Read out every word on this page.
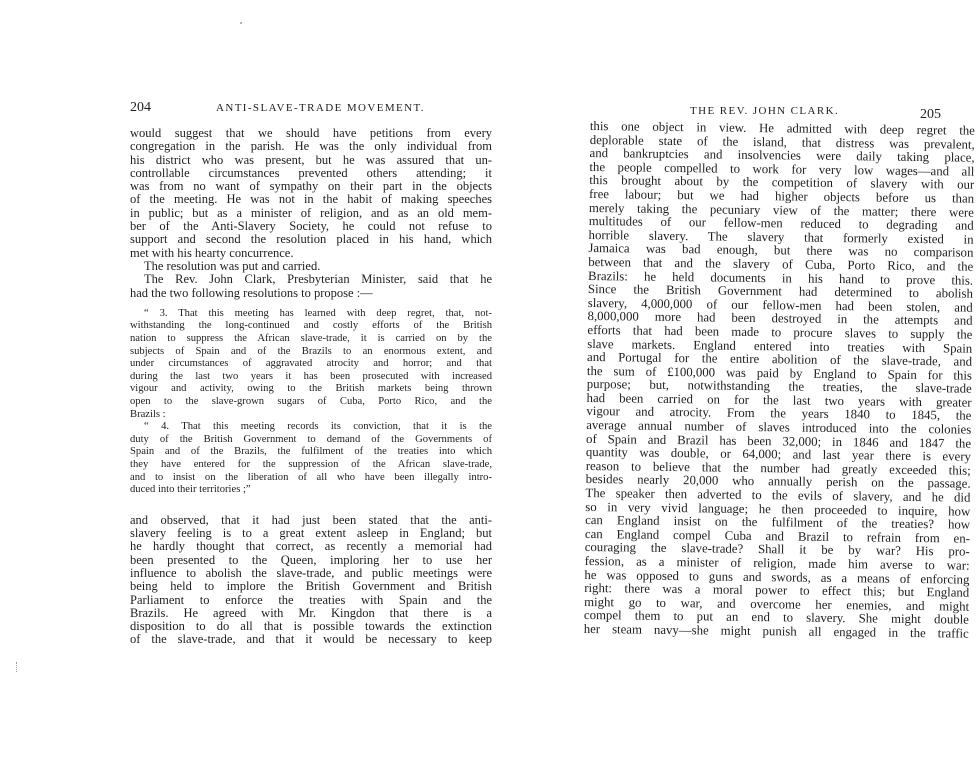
204	ANTI-SLAVE-TRADE MOVEMENT.
would suggest that we should have petitions from every
congregation in the parish. He was the only individual from
his district who was present, but he was assured that un-
controllable circumstances prevented others attending; it
was from no want of sympathy on their part in the objects
of the meeting. He was not in the habit of making speeches
in public; but as a minister of religion, and as an old mem-
ber of the Anti-Slavery Society, he could not refuse to
support and second the resolution placed in his hand, which
met with his hearty concurrence.
The resolution was put and carried.
The Rev. John Clark, Presbyterian Minister, said that he
had the two following resolutions to propose :—
“ 3. That this meeting has learned with deep regret, that, not-
withstanding the long-continued and costly efforts of the British
nation to suppress the African slave-trade, it is carried on by the
subjects of Spain and of the Brazils to an enormous extent, and
under circumstances of aggravated atrocity and horror; and that
during the last two years it has been prosecuted with increased
vigour and activity, owing to the British markets being thrown
open to the slave-grown sugars of Cuba, Porto Rico, and the
Brazils :
“ 4. That this meeting records its conviction, that it is the
duty of the British Government to demand of the Governments of
Spain and of the Brazils, the fulfilment of the treaties into which
they have entered for the suppression of the African slave-trade,
and to insist on the liberation of all who have been illegally intro-
duced into their territories ;”
and observed, that it had just been stated that the anti-
slavery feeling is to a great extent asleep in England; but
he hardly thought that correct, as recently a memorial had
been presented to the Queen, imploring her to use her
influence to abolish the slave-trade, and public meetings were
being held to implore the British Government and British
Parliament to enforce the treaties with Spain and the
Brazils. He agreed with Mr. Kingdon that there is a
disposition to do all that is possible towards the extinction
of the slave-trade, and that it would be necessary to keep
THE REV. JOHN CLARK.	205
this one object in view. He admitted with deep regret the
deplorable state of the island, that distress was prevalent,
and bankruptcies and insolvencies were daily taking place,
the people compelled to work for very low wages—and all
this brought about by the competition of slavery with our
free labour; but we had higher objects before us than
merely taking the pecuniary view of the matter; there were
multitudes of our fellow-men reduced to degrading and
horrible slavery. The slavery that formerly existed in
Jamaica was bad enough, but there was no comparison
between that and the slavery of Cuba, Porto Rico, and the
Brazils: he held documents in his hand to prove this.
Since the British Government had determined to abolish
slavery, 4,000,000 of our fellow-men had been stolen, and
8,000,000 more had been destroyed in the attempts and
efforts that had been made to procure slaves to supply the
slave markets. England entered into treaties with Spain
and Portugal for the entire abolition of the slave-trade, and
the sum of £100,000 was paid by England to Spain for this
purpose; but, notwithstanding the treaties, the slave-trade
had been carried on for the last two years with greater
vigour and atrocity. From the years 1840 to 1845, the
average annual number of slaves introduced into the colonies
of Spain and Brazil has been 32,000; in 1846 and 1847 the
quantity was double, or 64,000; and last year there is every
reason to believe that the number had greatly exceeded this;
besides nearly 20,000 who annually perish on the passage.
The speaker then adverted to the evils of slavery, and he did
so in very vivid language; he then proceeded to inquire, how
can England insist on the fulfilment of the treaties? how
can England compel Cuba and Brazil to refrain from en-
couraging the slave-trade? Shall it be by war? His pro-
fession, as a minister of religion, made him averse to war:
he was opposed to guns and swords, as a means of enforcing
right: there was a moral power to effect this; but England
might go to war, and overcome her enemies, and might
compel them to put an end to slavery. She might double
her steam navy—she might punish all engaged in the traffic
